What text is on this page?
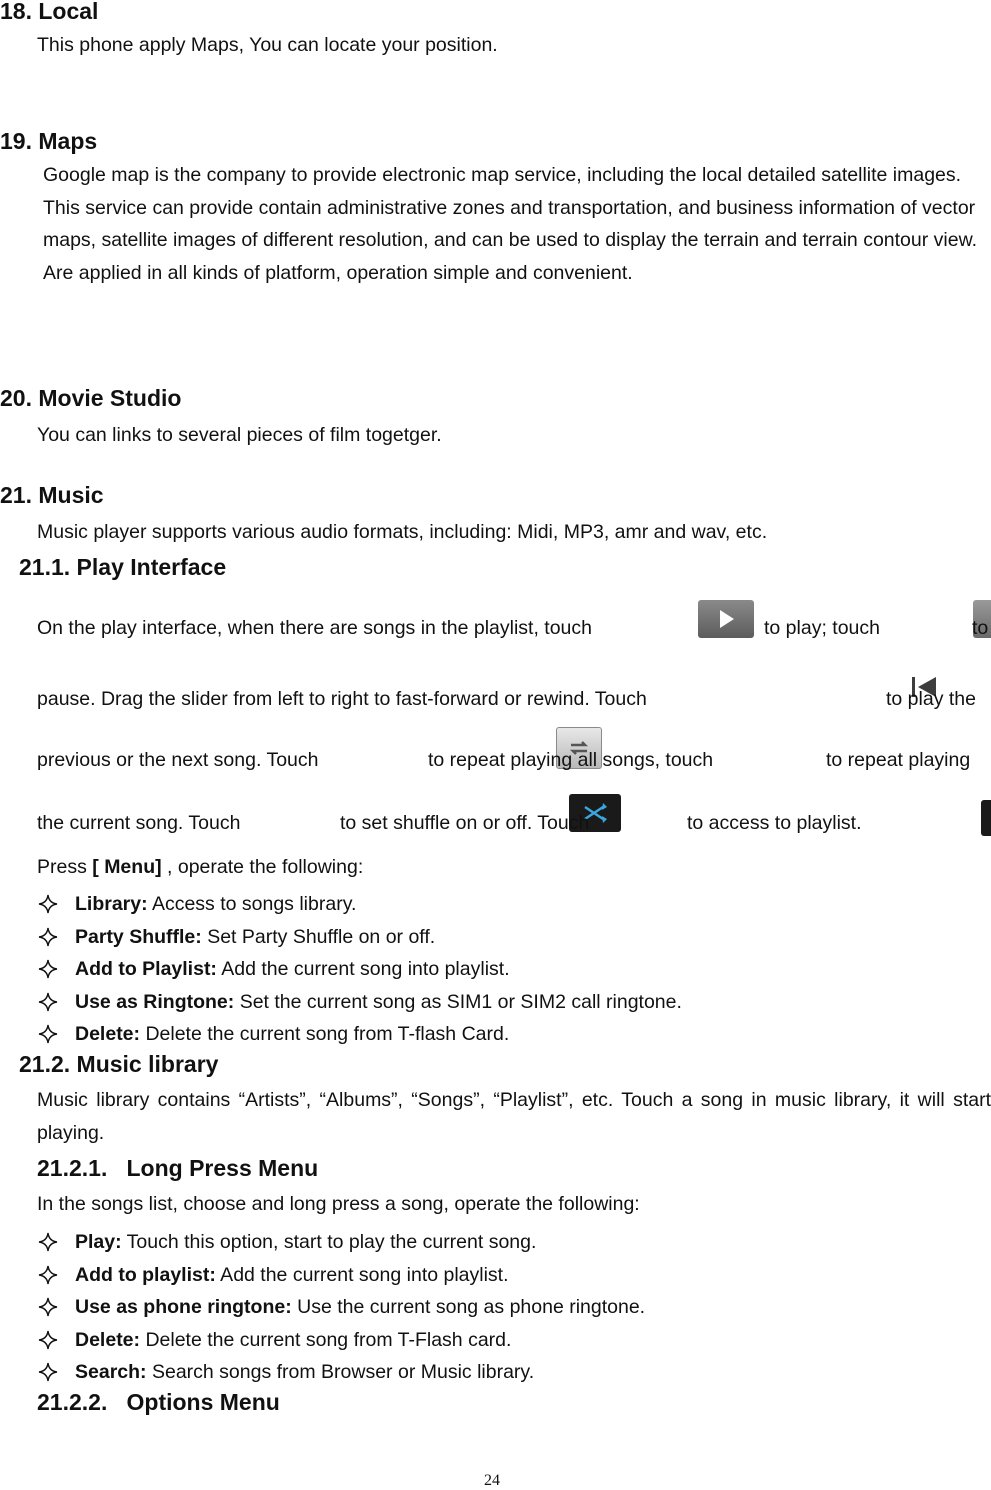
18. Local
This phone apply Maps, You can locate your position.
19. Maps
Google map is the company to provide electronic map service, including the local detailed satellite images. This service can provide contain administrative zones and transportation, and business information of vector maps, satellite images of different resolution, and can be used to display the terrain and terrain contour view. Are applied in all kinds of platform, operation simple and convenient.
20. Movie Studio
You can links to several pieces of film togetger.
21. Music
Music player supports various audio formats, including: Midi, MP3, amr and wav, etc.
21.1. Play Interface
On the play interface, when there are songs in the playlist, touch
	to play; touch
	to
pause. Drag the slider from left to right to fast-forward or rewind. Touch
	to play the
previous or the next song. Touch
	to repeat playing all songs, touch
	to repeat playing
the current song. Touch
	to set shuffle on or off. Touch	to access to playlist.
Press [ Menu] , operate the following:
Library: Access to songs library.
Party Shuffle: Set Party Shuffle on or off.
Add to Playlist: Add the current song into playlist.
Use as Ringtone: Set the current song as SIM1 or SIM2 call ringtone.
Delete: Delete the current song from T-flash Card.
21.2. Music library
Music library contains “Artists”, “Albums”, “Songs”, “Playlist”, etc. Touch a song in music library, it will start playing.
21.2.1.   Long Press Menu
In the songs list, choose and long press a song, operate the following:
Play: Touch this option, start to play the current song.
Add to playlist: Add the current song into playlist.
Use as phone ringtone: Use the current song as phone ringtone.
Delete: Delete the current song from T-Flash card.
Search: Search songs from Browser or Music library.
21.2.2.   Options Menu
24
